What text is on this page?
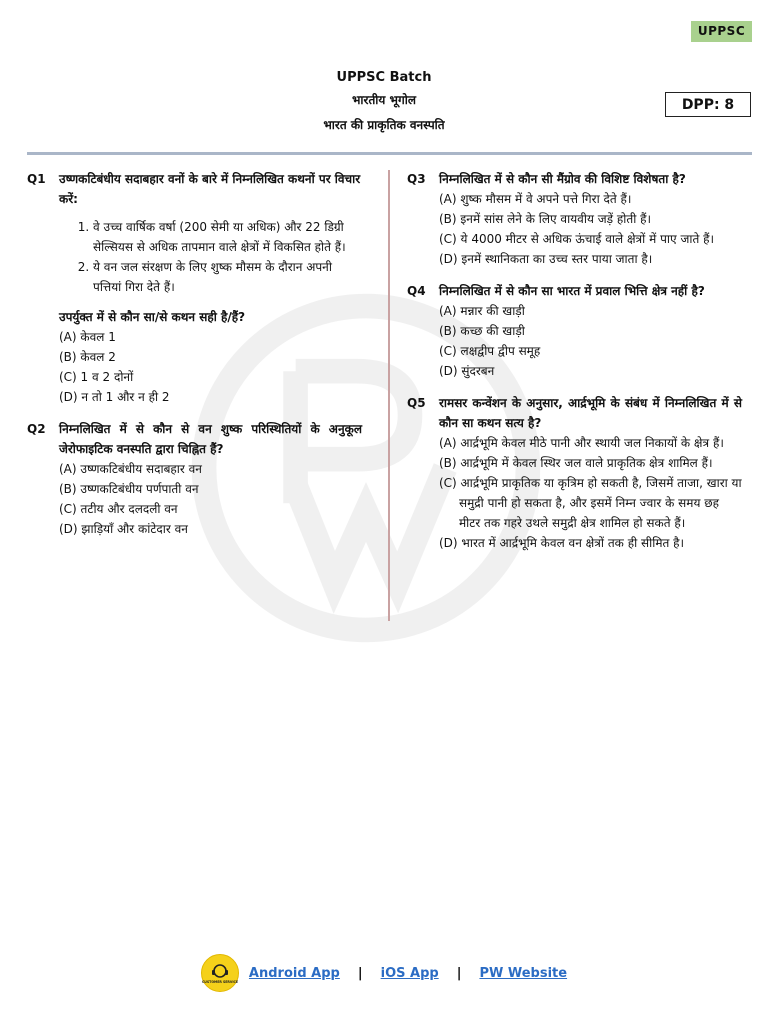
UPPSC
UPPSC Batch
भारतीय भूगोल
भारत की प्राकृतिक वनस्पति
DPP: 8
Q1	उष्णकटिबंधीय सदाबहार वनों के बारे में निम्नलिखित कथनों पर विचार करें:
1. वे उच्च वार्षिक वर्षा (200 सेमी या अधिक) और 22 डिग्री सेल्सियस से अधिक तापमान वाले क्षेत्रों में विकसित होते हैं।
2. ये वन जल संरक्षण के लिए शुष्क मौसम के दौरान अपनी पत्तियां गिरा देते हैं।
उपर्युक्त में से कौन सा/से कथन सही है/हैं?
(A) केवल 1
(B) केवल 2
(C) 1 व 2 दोनों
(D) न तो 1 और न ही 2
Q2	निम्नलिखित में से कौन से वन शुष्क परिस्थितियों के अनुकूल जेरोफाइटिक वनस्पति द्वारा चिह्नित हैं?
(A) उष्णकटिबंधीय सदाबहार वन
(B) उष्णकटिबंधीय पर्णपाती वन
(C) तटीय और दलदली वन
(D) झाड़ियाँ और कांटेदार वन
Q3	निम्नलिखित में से कौन सी मैंग्रोव की विशिष्ट विशेषता है?
(A) शुष्क मौसम में वे अपने पत्ते गिरा देते हैं।
(B) इनमें सांस लेने के लिए वायवीय जड़ें होती हैं।
(C) ये 4000 मीटर से अधिक ऊंचाई वाले क्षेत्रों में पाए जाते हैं।
(D) इनमें स्थानिकता का उच्च स्तर पाया जाता है।
Q4	निम्नलिखित में से कौन सा भारत में प्रवाल भित्ति क्षेत्र नहीं है?
(A) मन्नार की खाड़ी
(B) कच्छ की खाड़ी
(C) लक्षद्वीप द्वीप समूह
(D) सुंदरबन
Q5	रामसर कन्वेंशन के अनुसार, आर्द्रभूमि के संबंध में निम्नलिखित में से कौन सा कथन सत्य है?
(A) आर्द्रभूमि केवल मीठे पानी और स्थायी जल निकायों के क्षेत्र हैं।
(B) आर्द्रभूमि में केवल स्थिर जल वाले प्राकृतिक क्षेत्र शामिल हैं।
(C) आर्द्रभूमि प्राकृतिक या कृत्रिम हो सकती है, जिसमें ताजा, खारा या समुद्री पानी हो सकता है, और इसमें निम्न ज्वार के समय छह मीटर तक गहरे उथले समुद्री क्षेत्र शामिल हो सकते हैं।
(D) भारत में आर्द्रभूमि केवल वन क्षेत्रों तक ही सीमित है।
CUSTOMER SERVICE
Android App | iOS App | PW Website
